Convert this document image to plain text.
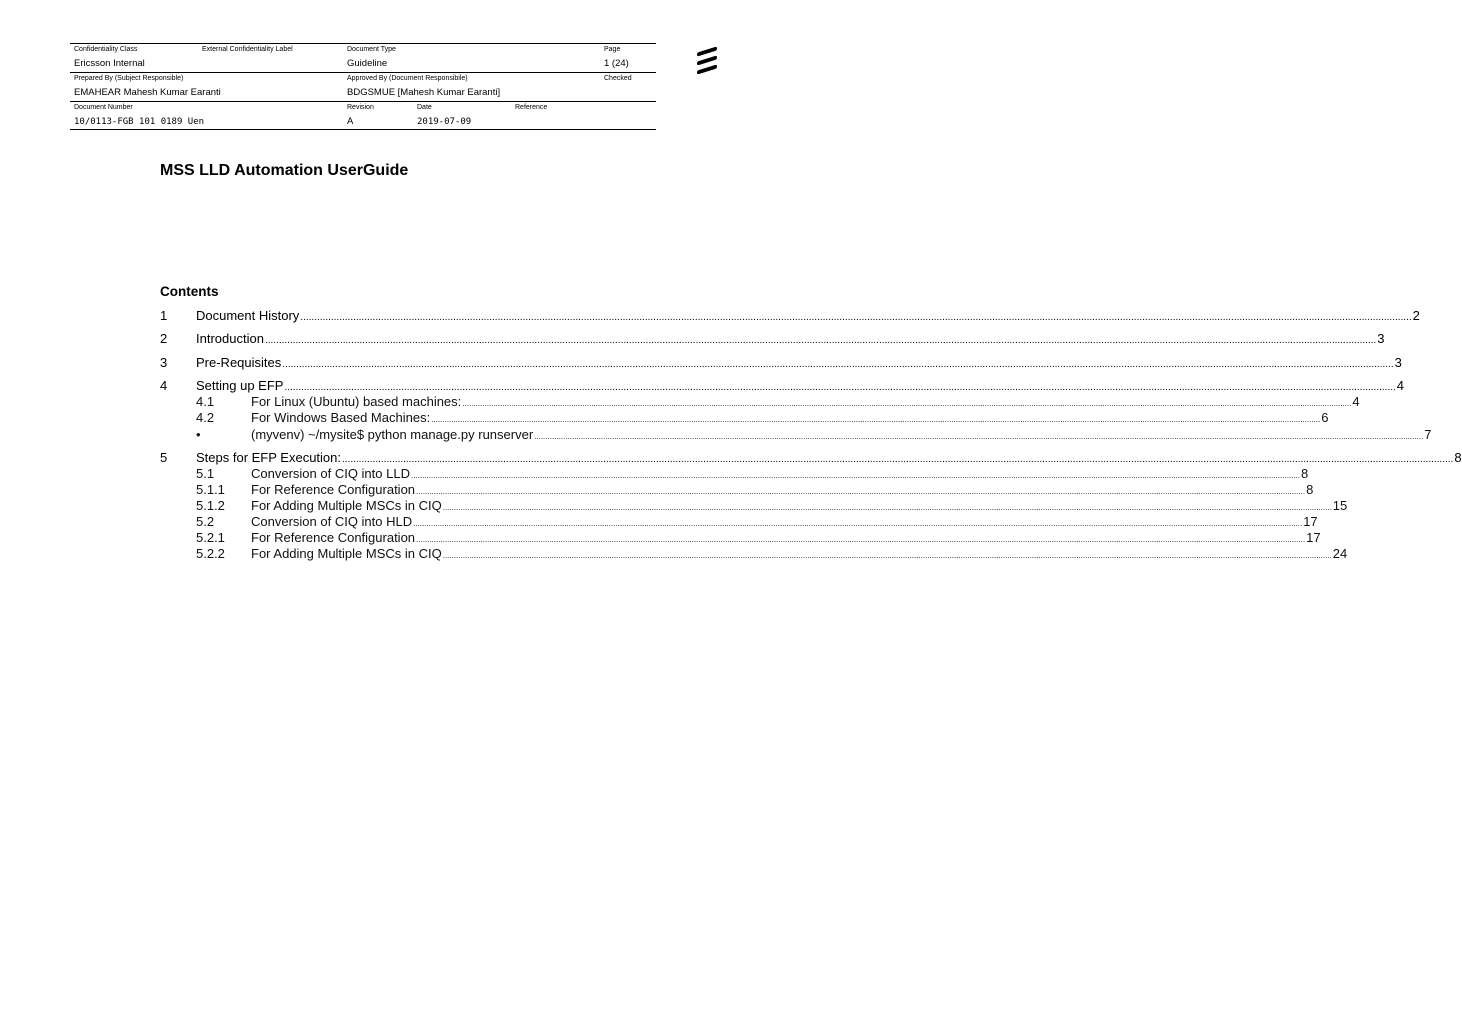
Confidentiality Class	External Confidentiality Label	Document Type	Page
Ericsson Internal	Guideline	1 (24)
Prepared By (Subject Responsible)	Approved By (Document Responsibile)	Checked
EMAHEAR Mahesh Kumar Earanti	BDGSMUE [Mahesh Kumar Earanti]
Document Number	Revision	Date	Reference
10/0113-FGB 101 0189 Uen	A	2019-07-09
MSS LLD Automation UserGuide
Contents
1 Document History ................................................................................................................................................................................................................................................................................................................................................................................................................ 2
2 Introduction ................................................................................................................................................................................................................................................................................................................................................................................................................ 3
3 Pre-Requisites ................................................................................................................................................................................................................................................................................................................................................................................................................ 3
4 Setting up EFP ................................................................................................................................................................................................................................................................................................................................................................................................................ 4
4.1	For Linux (Ubuntu) based machines: ................................................................................................................................................................................................................................................................................................................................................................................................................ 4
4.2	For Windows Based Machines: ................................................................................................................................................................................................................................................................................................................................................................................................................ 6
•	(myvenv) ~/mysite$ python manage.py runserver ................................................................................................................................................................................................................................................................................................................................................................................................................ 7
5 Steps for EFP Execution: ................................................................................................................................................................................................................................................................................................................................................................................................................ 8
5.1	Conversion of CIQ into LLD ................................................................................................................................................................................................................................................................................................................................................................................................................ 8
5.1.1 For Reference Configuration ................................................................................................................................................................................................................................................................................................................................................................................................................ 8
5.1.2 For Adding Multiple MSCs in CIQ ................................................................................................................................................................................................................................................................................................................................................................................................................ 15
5.2	Conversion of CIQ into HLD ................................................................................................................................................................................................................................................................................................................................................................................................................ 17
5.2.1 For Reference Configuration ................................................................................................................................................................................................................................................................................................................................................................................................................ 17
5.2.2 For Adding Multiple MSCs in CIQ ................................................................................................................................................................................................................................................................................................................................................................................................................ 24
